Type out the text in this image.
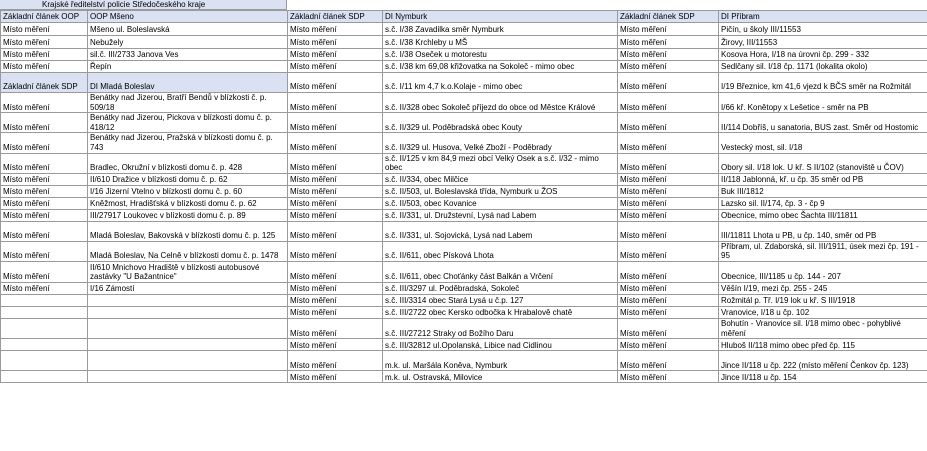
Krajské ředitelství policie Středočeského kraje
Základní článek OOP	OOP Mšeno	Základní článek SDP	DI Nymburk	Základní článek SDP	DI Příbram
Místo měření	Mšeno ul. Boleslavská	Místo měření	s.č. I/38 Zavadilka směr Nymburk	Místo měření	Pičín, u školy III/11553
Místo měření	Nebužely	Místo měření	s.č. I/38 Krchleby u MŠ	Místo měření	Žirovy, III/11553
Místo měření	sil.č. III/2733 Janova Ves	Místo měření	s.č. I/38 Oseček u motorestu	Místo měření	Kosova Hora, I/18 na úrovni čp. 299 - 332
Místo měření	Řepín	Místo měření	s.č. I/38 km 69,08 křižovatka na Sokoleč - mimo obec	Místo měření	Sedlčany sil. I/18 čp. 1171 (lokalita okolo)
Základní článek SDP	DI Mladá Boleslav	Místo měření	s.č. I/11 km 4,7 k.o.Kolaje - mimo obec	Místo měření	I/19 Březnice, km 41,6 vjezd k BČS směr na Rožmitál
Místo měření	Benátky nad Jizerou, Bratří Bendů v blízkosti č. p. 509/18	Místo měření	s.č. II/328 obec Sokoleč příjezd do obce od Městce Králové	Místo měření	I/66 kř. Konětopy x Lešetice - směr na PB
Místo měření	Benátky nad Jizerou, Pickova v blízkosti domu č. p. 418/12	Místo měření	s.č. II/329 ul. Poděbradská obec Kouty	Místo měření	II/114 Dobříš, u sanatoria, BUS zast. Směr od Hostomic
Místo měření	Benátky nad Jizerou, Pražská v blízkosti domu č. p. 743	Místo měření	s.č. II/329 ul. Husova, Velké Zboží - Poděbrady	Místo měření	Vestecký most, sil. I/18
Místo měření	Bradlec, Okružní v blízkosti domu č. p. 428	Místo měření	s.č. II/125 v km 84,9 mezi obcí Velký Osek a s.č. I/32 - mimo obec	Místo měření	Obory sil. I/18 lok. U kř. S II/102 (stanoviště u ČOV)
Místo měření	II/610 Dražice v blízkosti domu č. p. 62	Místo měření	s.č. II/334, obec Milčice	Místo měření	II/118 Jablonná, kř. u čp. 35 směr od PB
Místo měření	I/16 Jizerní Vtelno v blízkosti domu č. p. 60	Místo měření	s.č. II/503, ul. Boleslavská třída, Nymburk u ŽOS	Místo měření	Buk III/1812
Místo měření	Kněžmost, Hradišťská v blízkosti domu č. p. 62	Místo měření	s.č. II/503, obec Kovanice	Místo měření	Lazsko sil. II/174, čp. 3 - čp 9
Místo měření	III/27917 Loukovec v blízkosti domu č. p. 89	Místo měření	s.č. II/331, ul. Družstevní, Lysá nad Labem	Místo měření	Obecnice, mimo obec Šachta III/11811
Místo měření	Mladá Boleslav, Bakovská v blízkosti domu č. p. 125	Místo měření	s.č. II/331, ul. Sojovická, Lysá nad Labem	Místo měření	III/11811 Lhota u PB, u čp. 140, směr od PB
Místo měření	Mladá Boleslav, Na Celně v blízkosti domu č. p. 1478	Místo měření	s.č. II/611, obec Písková Lhota	Místo měření	Příbram, ul. Zdaborská, sil. III/1911, úsek mezi čp. 191 - 95
Místo měření	II/610 Mnichovo Hradiště v blízkosti autobusové zastávky "U Bažantnice"	Místo měření	s.č. II/611, obec Choťánky část Balkán a Vrčení	Místo měření	Obecnice, III/1185 u čp. 144 - 207
Místo měření	I/16 Zámostí	Místo měření	s.č. III/3297 ul. Poděbradská, Sokoleč	Místo měření	Věšín I/19, mezi čp. 255 - 245
		Místo měření	s.č. III/3314 obec Stará Lysá u č.p. 127	Místo měření	Rožmitál p. Tř. I/19 lok u kř. S III/1918
		Místo měření	s.č. III/2722 obec Kersko odbočka k Hrabalově chatě	Místo měření	Vranovice, I/18 u čp. 102
		Místo měření	s.č. III/27212 Straky od Božího Daru	Místo měření	Bohutín - Vranovice sil. I/18 mimo obec - pohyblivé měření
		Místo měření	s.č. III/32812 ul.Opolanská, Libice nad Cidlinou	Místo měření	Hluboš II/118 mimo obec před čp. 115
		Místo měření	m.k. ul. Maršála Koněva, Nymburk	Místo měření	Jince II/118 u čp. 222 (místo měření Čenkov čp. 123)
		Místo měření	m.k. ul. Ostravská, Milovice	Místo měření	Jince II/118 u čp. 154
